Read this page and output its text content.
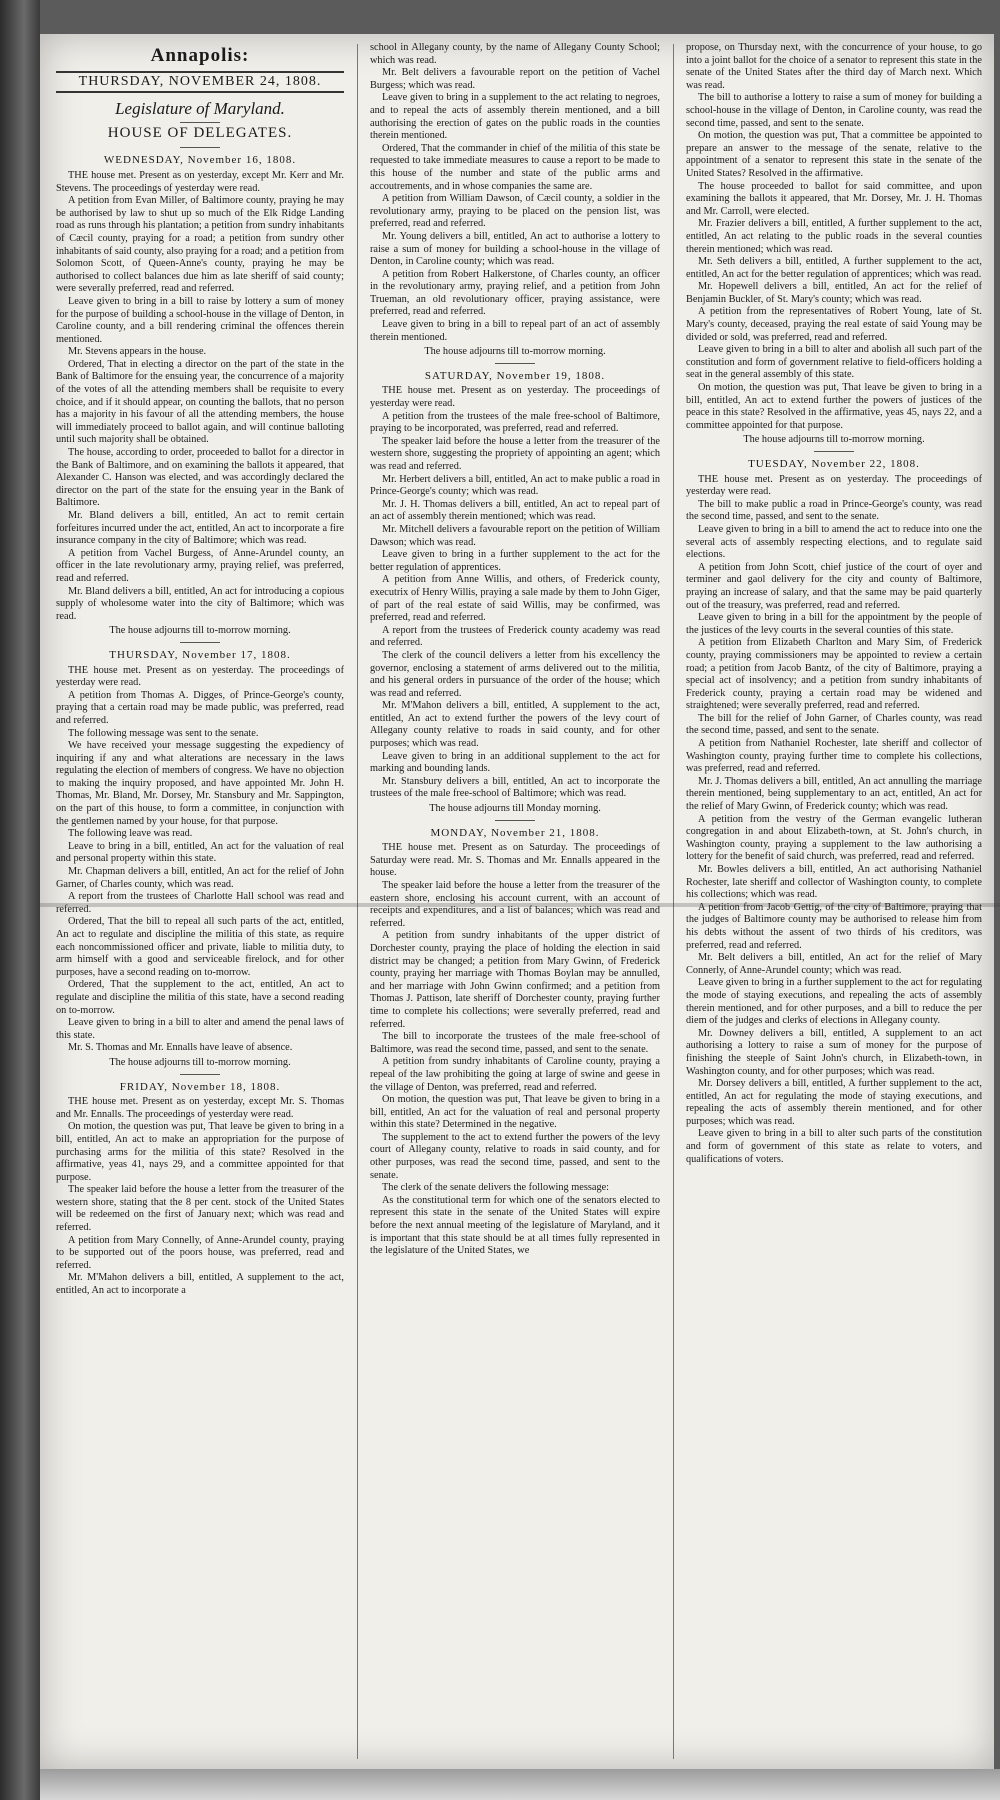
Annapolis:
THURSDAY, NOVEMBER 24, 1808.
Legislature of Maryland.
HOUSE OF DELEGATES.
WEDNESDAY, November 16, 1808.
THE house met. Present as on yesterday, except Mr. Kerr and Mr. Stevens. The proceedings of yesterday were read.
A petition from Evan Miller, of Baltimore county, praying he may be authorised by law to shut up so much of the Elk Ridge Landing road as runs through his plantation; a petition from sundry inhabitants of Cæcil county, praying for a road; a petition from sundry other inhabitants of said county, also praying for a road; and a petition from Solomon Scott, of Queen-Anne's county, praying he may be authorised to collect balances due him as late sheriff of said county; were severally preferred, read and referred.
Leave given to bring in a bill to raise by lottery a sum of money for the purpose of building a school-house in the village of Denton, in Caroline county, and a bill rendering criminal the offences therein mentioned.
Mr. Stevens appears in the house.
Ordered, That in electing a director on the part of the state in the Bank of Baltimore for the ensuing year, the concurrence of a majority of the votes of all the attending members shall be requisite to every choice, and if it should appear, on counting the ballots, that no person has a majority in his favour of all the attending members, the house will immediately proceed to ballot again, and will continue balloting until such majority shall be obtained.
The house, according to order, proceeded to ballot for a director in the Bank of Baltimore, and on examining the ballots it appeared, that Alexander C. Hanson was elected, and was accordingly declared the director on the part of the state for the ensuing year in the Bank of Baltimore.
Mr. Bland delivers a bill, entitled, An act to remit certain forfeitures incurred under the act, entitled, An act to incorporate a fire insurance company in the city of Baltimore; which was read.
A petition from Vachel Burgess, of Anne-Arundel county, an officer in the late revolutionary army, praying relief, was preferred, read and referred.
Mr. Bland delivers a bill, entitled, An act for introducing a copious supply of wholesome water into the city of Baltimore; which was read.
The house adjourns till to-morrow morning.
THURSDAY, November 17, 1808.
THE house met. Present as on yesterday. The proceedings of yesterday were read.
A petition from Thomas A. Digges, of Prince-George's county, praying that a certain road may be made public, was preferred, read and referred.
The following message was sent to the senate.
We have received your message suggesting the expediency of inquiring if any and what alterations are necessary in the laws regulating the election of members of congress. We have no objection to making the inquiry proposed, and have appointed Mr. John H. Thomas, Mr. Bland, Mr. Dorsey, Mr. Stansbury and Mr. Sappington, on the part of this house, to form a committee, in conjunction with the gentlemen named by your house, for that purpose.
The following leave was read.
Leave to bring in a bill, entitled, An act for the valuation of real and personal property within this state.
Mr. Chapman delivers a bill, entitled, An act for the relief of John Garner, of Charles county, which was read.
A report from the trustees of Charlotte Hall school was read and referred.
Ordered, That the bill to repeal all such parts of the act, entitled, An act to regulate and discipline the militia of this state, as require each noncommissioned officer and private, liable to militia duty, to arm himself with a good and serviceable firelock, and for other purposes, have a second reading on to-morrow.
Ordered, That the supplement to the act, entitled, An act to regulate and discipline the militia of this state, have a second reading on to-morrow.
Leave given to bring in a bill to alter and amend the penal laws of this state.
Mr. S. Thomas and Mr. Ennalls have leave of absence.
The house adjourns till to-morrow morning.
FRIDAY, November 18, 1808.
THE house met. Present as on yesterday, except Mr. S. Thomas and Mr. Ennalls. The proceedings of yesterday were read.
On motion, the question was put, That leave be given to bring in a bill, entitled, An act to make an appropriation for the purpose of purchasing arms for the militia of this state? Resolved in the affirmative, yeas 41, nays 29, and a committee appointed for that purpose.
The speaker laid before the house a letter from the treasurer of the western shore, stating that the 8 per cent. stock of the United States will be redeemed on the first of January next; which was read and referred.
A petition from Mary Connelly, of Anne-Arundel county, praying to be supported out of the poors house, was preferred, read and referred.
Mr. M'Mahon delivers a bill, entitled, A supplement to the act, entitled, An act to incorporate a
school in Allegany county, by the name of Allegany County School; which was read.
Mr. Belt delivers a favourable report on the petition of Vachel Burgess; which was read.
Leave given to bring in a supplement to the act relating to negroes, and to repeal the acts of assembly therein mentioned, and a bill authorising the erection of gates on the public roads in the counties therein mentioned.
Ordered, That the commander in chief of the militia of this state be requested to take immediate measures to cause a report to be made to this house of the number and state of the public arms and accoutrements, and in whose companies the same are.
A petition from William Dawson, of Cæcil county, a soldier in the revolutionary army, praying to be placed on the pension list, was preferred, read and referred.
Mr. Young delivers a bill, entitled, An act to authorise a lottery to raise a sum of money for building a school-house in the village of Denton, in Caroline county; which was read.
A petition from Robert Halkerstone, of Charles county, an officer in the revolutionary army, praying relief, and a petition from John Trueman, an old revolutionary officer, praying assistance, were preferred, read and referred.
Leave given to bring in a bill to repeal part of an act of assembly therein mentioned.
The house adjourns till to-morrow morning.
SATURDAY, November 19, 1808.
THE house met. Present as on yesterday. The proceedings of yesterday were read.
A petition from the trustees of the male free-school of Baltimore, praying to be incorporated, was preferred, read and referred.
The speaker laid before the house a letter from the treasurer of the western shore, suggesting the propriety of appointing an agent; which was read and referred.
Mr. Herbert delivers a bill, entitled, An act to make public a road in Prince-George's county; which was read.
Mr. J. H. Thomas delivers a bill, entitled, An act to repeal part of an act of assembly therein mentioned; which was read.
Mr. Mitchell delivers a favourable report on the petition of William Dawson; which was read.
Leave given to bring in a further supplement to the act for the better regulation of apprentices.
A petition from Anne Willis, and others, of Frederick county, executrix of Henry Willis, praying a sale made by them to John Giger, of part of the real estate of said Willis, may be confirmed, was preferred, read and referred.
A report from the trustees of Frederick county academy was read and referred.
The clerk of the council delivers a letter from his excellency the governor, enclosing a statement of arms delivered out to the militia, and his general orders in pursuance of the order of the house; which was read and referred.
Mr. M'Mahon delivers a bill, entitled, A supplement to the act, entitled, An act to extend further the powers of the levy court of Allegany county relative to roads in said county, and for other purposes; which was read.
Leave given to bring in an additional supplement to the act for marking and bounding lands.
Mr. Stansbury delivers a bill, entitled, An act to incorporate the trustees of the male free-school of Baltimore; which was read.
The house adjourns till Monday morning.
MONDAY, November 21, 1808.
THE house met. Present as on Saturday. The proceedings of Saturday were read. Mr. S. Thomas and Mr. Ennalls appeared in the house.
The speaker laid before the house a letter from the treasurer of the eastern shore, enclosing his account current, with an account of receipts and expenditures, and a list of balances; which was read and referred.
A petition from sundry inhabitants of the upper district of Dorchester county, praying the place of holding the election in said district may be changed; a petition from Mary Gwinn, of Frederick county, praying her marriage with Thomas Boylan may be annulled, and her marriage with John Gwinn confirmed; and a petition from Thomas J. Pattison, late sheriff of Dorchester county, praying further time to complete his collections; were severally preferred, read and referred.
The bill to incorporate the trustees of the male free-school of Baltimore, was read the second time, passed, and sent to the senate.
A petition from sundry inhabitants of Caroline county, praying a repeal of the law prohibiting the going at large of swine and geese in the village of Denton, was preferred, read and referred.
On motion, the question was put, That leave be given to bring in a bill, entitled, An act for the valuation of real and personal property within this state? Determined in the negative.
The supplement to the act to extend further the powers of the levy court of Allegany county, relative to roads in said county, and for other purposes, was read the second time, passed, and sent to the senate.
The clerk of the senate delivers the following message:
As the constitutional term for which one of the senators elected to represent this state in the senate of the United States will expire before the next annual meeting of the legislature of Maryland, and it is important that this state should be at all times fully represented in the legislature of the United States, we
propose, on Thursday next, with the concurrence of your house, to go into a joint ballot for the choice of a senator to represent this state in the senate of the United States after the third day of March next. Which was read.
The bill to authorise a lottery to raise a sum of money for building a school-house in the village of Denton, in Caroline county, was read the second time, passed, and sent to the senate.
On motion, the question was put, That a committee be appointed to prepare an answer to the message of the senate, relative to the appointment of a senator to represent this state in the senate of the United States? Resolved in the affirmative.
The house proceeded to ballot for said committee, and upon examining the ballots it appeared, that Mr. Dorsey, Mr. J. H. Thomas and Mr. Carroll, were elected.
Mr. Frazier delivers a bill, entitled, A further supplement to the act, entitled, An act relating to the public roads in the several counties therein mentioned; which was read.
Mr. Seth delivers a bill, entitled, A further supplement to the act, entitled, An act for the better regulation of apprentices; which was read.
Mr. Hopewell delivers a bill, entitled, An act for the relief of Benjamin Buckler, of St. Mary's county; which was read.
A petition from the representatives of Robert Young, late of St. Mary's county, deceased, praying the real estate of said Young may be divided or sold, was preferred, read and referred.
Leave given to bring in a bill to alter and abolish all such part of the constitution and form of government relative to field-officers holding a seat in the general assembly of this state.
On motion, the question was put, That leave be given to bring in a bill, entitled, An act to extend further the powers of justices of the peace in this state? Resolved in the affirmative, yeas 45, nays 22, and a committee appointed for that purpose.
The house adjourns till to-morrow morning.
TUESDAY, November 22, 1808.
THE house met. Present as on yesterday. The proceedings of yesterday were read.
The bill to make public a road in Prince-George's county, was read the second time, passed, and sent to the senate.
Leave given to bring in a bill to amend the act to reduce into one the several acts of assembly respecting elections, and to regulate said elections.
A petition from John Scott, chief justice of the court of oyer and terminer and gaol delivery for the city and county of Baltimore, praying an increase of salary, and that the same may be paid quarterly out of the treasury, was preferred, read and referred.
Leave given to bring in a bill for the appointment by the people of the justices of the levy courts in the several counties of this state.
A petition from Elizabeth Charlton and Mary Sim, of Frederick county, praying commissioners may be appointed to review a certain road; a petition from Jacob Bantz, of the city of Baltimore, praying a special act of insolvency; and a petition from sundry inhabitants of Frederick county, praying a certain road may be widened and straightened; were severally preferred, read and referred.
The bill for the relief of John Garner, of Charles county, was read the second time, passed, and sent to the senate.
A petition from Nathaniel Rochester, late sheriff and collector of Washington county, praying further time to complete his collections, was preferred, read and referred.
Mr. J. Thomas delivers a bill, entitled, An act annulling the marriage therein mentioned, being supplementary to an act, entitled, An act for the relief of Mary Gwinn, of Frederick county; which was read.
A petition from the vestry of the German evangelic lutheran congregation in and about Elizabeth-town, at St. John's church, in Washington county, praying a supplement to the law authorising a lottery for the benefit of said church, was preferred, read and referred.
Mr. Bowles delivers a bill, entitled, An act authorising Nathaniel Rochester, late sheriff and collector of Washington county, to complete his collections; which was read.
A petition from Jacob Gettig, of the city of Baltimore, praying that the judges of Baltimore county may be authorised to release him from his debts without the assent of two thirds of his creditors, was preferred, read and referred.
Mr. Belt delivers a bill, entitled, An act for the relief of Mary Connerly, of Anne-Arundel county; which was read.
Leave given to bring in a further supplement to the act for regulating the mode of staying executions, and repealing the acts of assembly therein mentioned, and for other purposes, and a bill to reduce the per diem of the judges and clerks of elections in Allegany county.
Mr. Downey delivers a bill, entitled, A supplement to an act authorising a lottery to raise a sum of money for the purpose of finishing the steeple of Saint John's church, in Elizabeth-town, in Washington county, and for other purposes; which was read.
Mr. Dorsey delivers a bill, entitled, A further supplement to the act, entitled, An act for regulating the mode of staying executions, and repealing the acts of assembly therein mentioned, and for other purposes; which was read.
Leave given to bring in a bill to alter such parts of the constitution and form of government of this state as relate to voters, and qualifications of voters.
